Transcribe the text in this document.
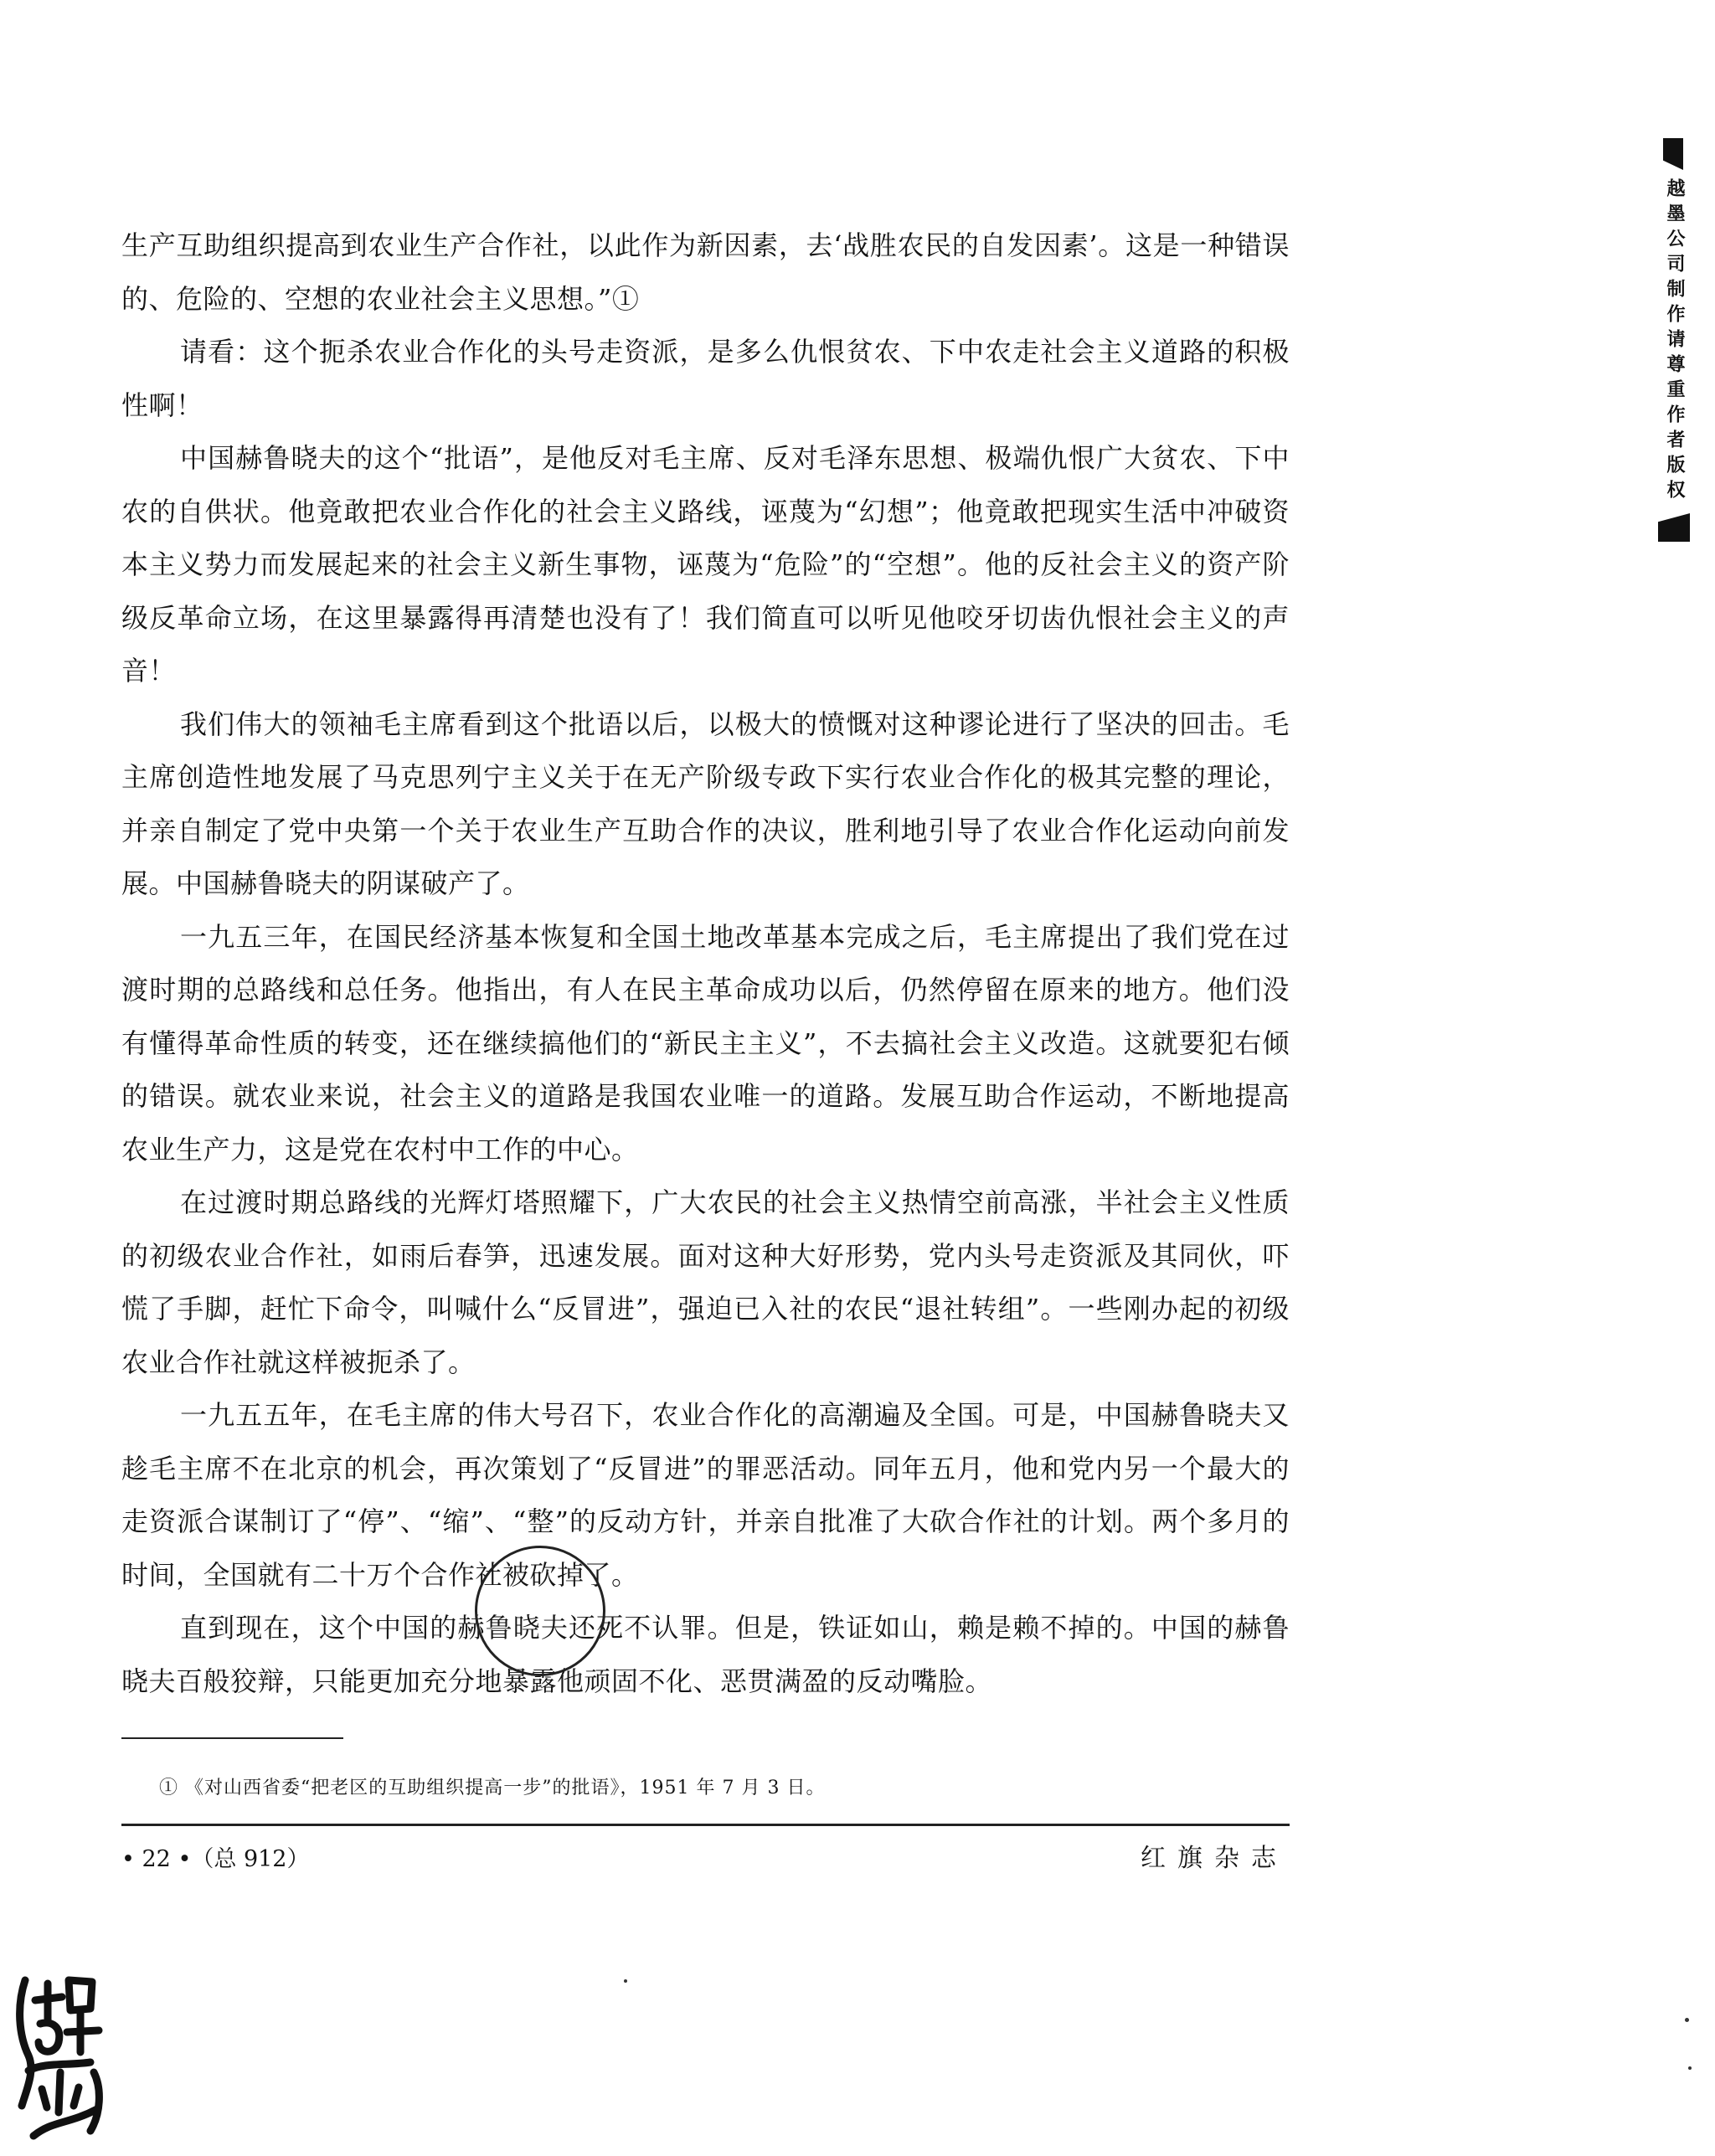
生产互助组织提高到农业生产合作社，以此作为新因素，去‘战胜农民的自发因素’。这是一种错误的、危险的、空想的农业社会主义思想。”①

请看：这个扼杀农业合作化的头号走资派，是多么仇恨贫农、下中农走社会主义道路的积极性啊！

中国赫鲁晓夫的这个“批语”，是他反对毛主席、反对毛泽东思想、极端仇恨广大贫农、下中农的自供状。他竟敢把农业合作化的社会主义路线，诬蔑为“幻想”；他竟敢把现实生活中冲破资本主义势力而发展起来的社会主义新生事物，诬蔑为“危险”的“空想”。他的反社会主义的资产阶级反革命立场，在这里暴露得再清楚也没有了！我们简直可以听见他咬牙切齿仇恨社会主义的声音！

我们伟大的领袖毛主席看到这个批语以后，以极大的愤慨对这种谬论进行了坚决的回击。毛主席创造性地发展了马克思列宁主义关于在无产阶级专政下实行农业合作化的极其完整的理论，并亲自制定了党中央第一个关于农业生产互助合作的决议，胜利地引导了农业合作化运动向前发展。中国赫鲁晓夫的阴谋破产了。

一九五三年，在国民经济基本恢复和全国土地改革基本完成之后，毛主席提出了我们党在过渡时期的总路线和总任务。他指出，有人在民主革命成功以后，仍然停留在原来的地方。他们没有懂得革命性质的转变，还在继续搞他们的“新民主主义”，不去搞社会主义改造。这就要犯右倾的错误。就农业来说，社会主义的道路是我国农业唯一的道路。发展互助合作运动，不断地提高农业生产力，这是党在农村中工作的中心。

在过渡时期总路线的光辉灯塔照耀下，广大农民的社会主义热情空前高涨，半社会主义性质的初级农业合作社，如雨后春笋，迅速发展。面对这种大好形势，党内头号走资派及其同伙，吓慌了手脚，赶忙下命令，叫喊什么“反冒进”，强迫已入社的农民“退社转组”。一些刚办起的初级农业合作社就这样被扼杀了。

一九五五年，在毛主席的伟大号召下，农业合作化的高潮遍及全国。可是，中国赫鲁晓夫又趁毛主席不在北京的机会，再次策划了“反冒进”的罪恶活动。同年五月，他和党内另一个最大的走资派合谋制订了“停”、“缩”、“整”的反动方针，并亲自批准了大砍合作社的计划。两个多月的时间，全国就有二十万个合作社被砍掉了。

直到现在，这个中国的赫鲁晓夫还死不认罪。但是，铁证如山，赖是赖不掉的。中国的赫鲁晓夫百般狡辩，只能更加充分地暴露他顽固不化、恶贯满盈的反动嘴脸。

① 《对山西省委“把老区的互助组织提高一步”的批语》，1951 年 7 月 3 日。
• 22 •（总 912）	红旗杂志
越墨公司制作请尊重作者版权
